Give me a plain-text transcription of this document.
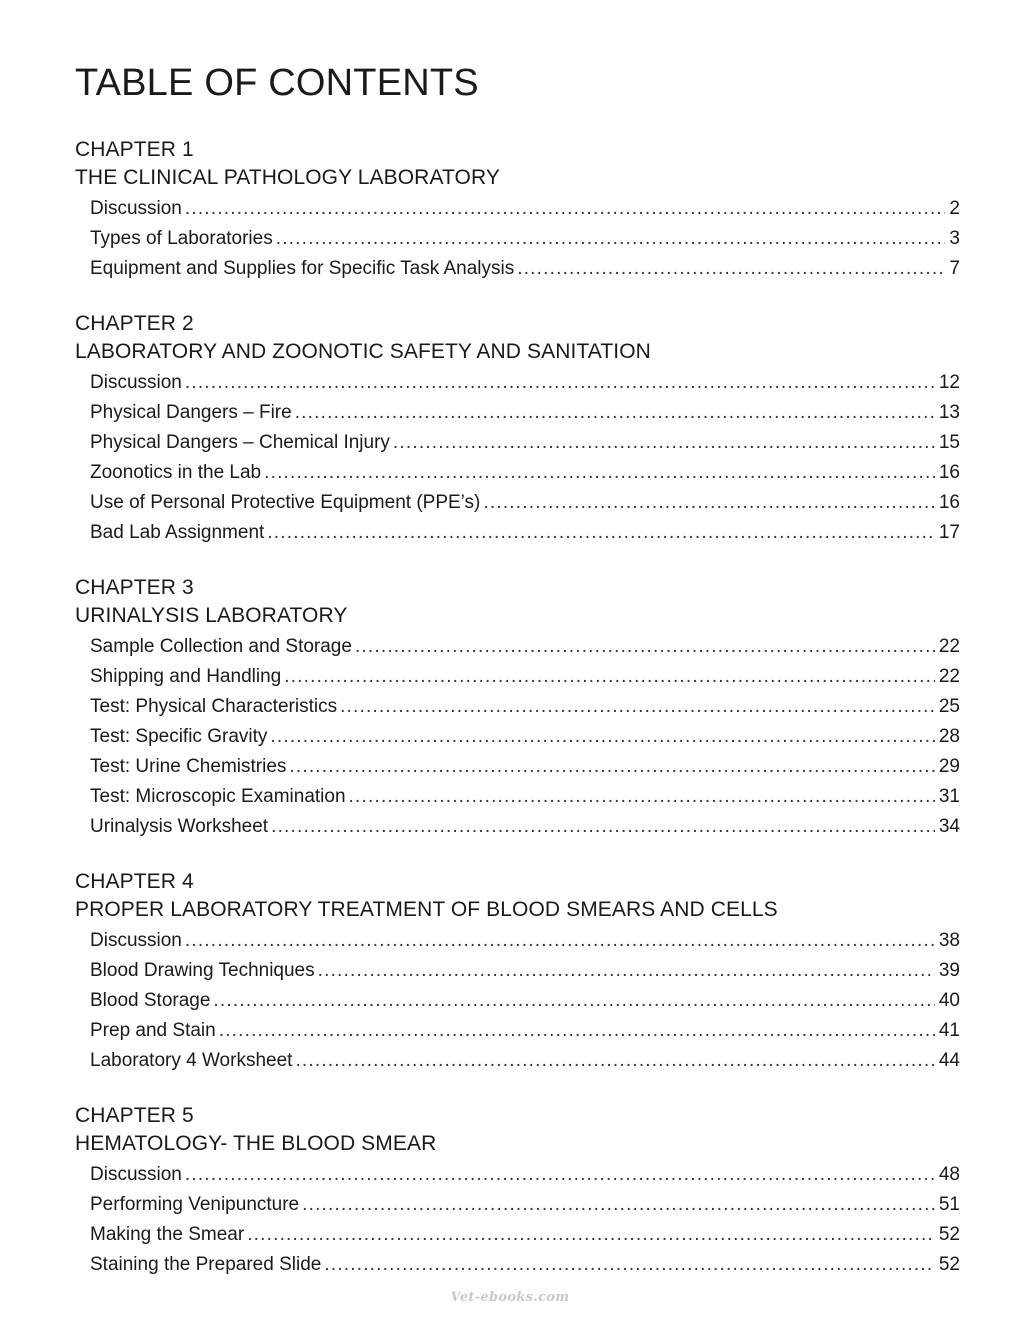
TABLE OF CONTENTS
CHAPTER 1
THE CLINICAL PATHOLOGY LABORATORY
Discussion .....	2
Types of Laboratories .....	3
Equipment and Supplies for Specific Task Analysis .....	7
CHAPTER 2
LABORATORY AND ZOONOTIC SAFETY AND SANITATION
Discussion .....	12
Physical Dangers – Fire .....	13
Physical Dangers – Chemical Injury .....	15
Zoonotics in the Lab .....	16
Use of Personal Protective Equipment (PPE’s) .....	16
Bad Lab Assignment .....	17
CHAPTER 3
URINALYSIS LABORATORY
Sample Collection and Storage .....	22
Shipping and Handling .....	22
Test: Physical Characteristics .....	25
Test: Specific Gravity .....	28
Test: Urine Chemistries .....	29
Test: Microscopic Examination .....	31
Urinalysis Worksheet .....	34
CHAPTER 4
PROPER LABORATORY TREATMENT OF BLOOD SMEARS AND CELLS
Discussion .....	38
Blood Drawing Techniques .....	39
Blood Storage .....	40
Prep and Stain .....	41
Laboratory 4 Worksheet .....	44
CHAPTER 5
HEMATOLOGY- THE BLOOD SMEAR
Discussion .....	48
Performing Venipuncture .....	51
Making the Smear .....	52
Staining the Prepared Slide .....	52
Vet-ebooks.com
